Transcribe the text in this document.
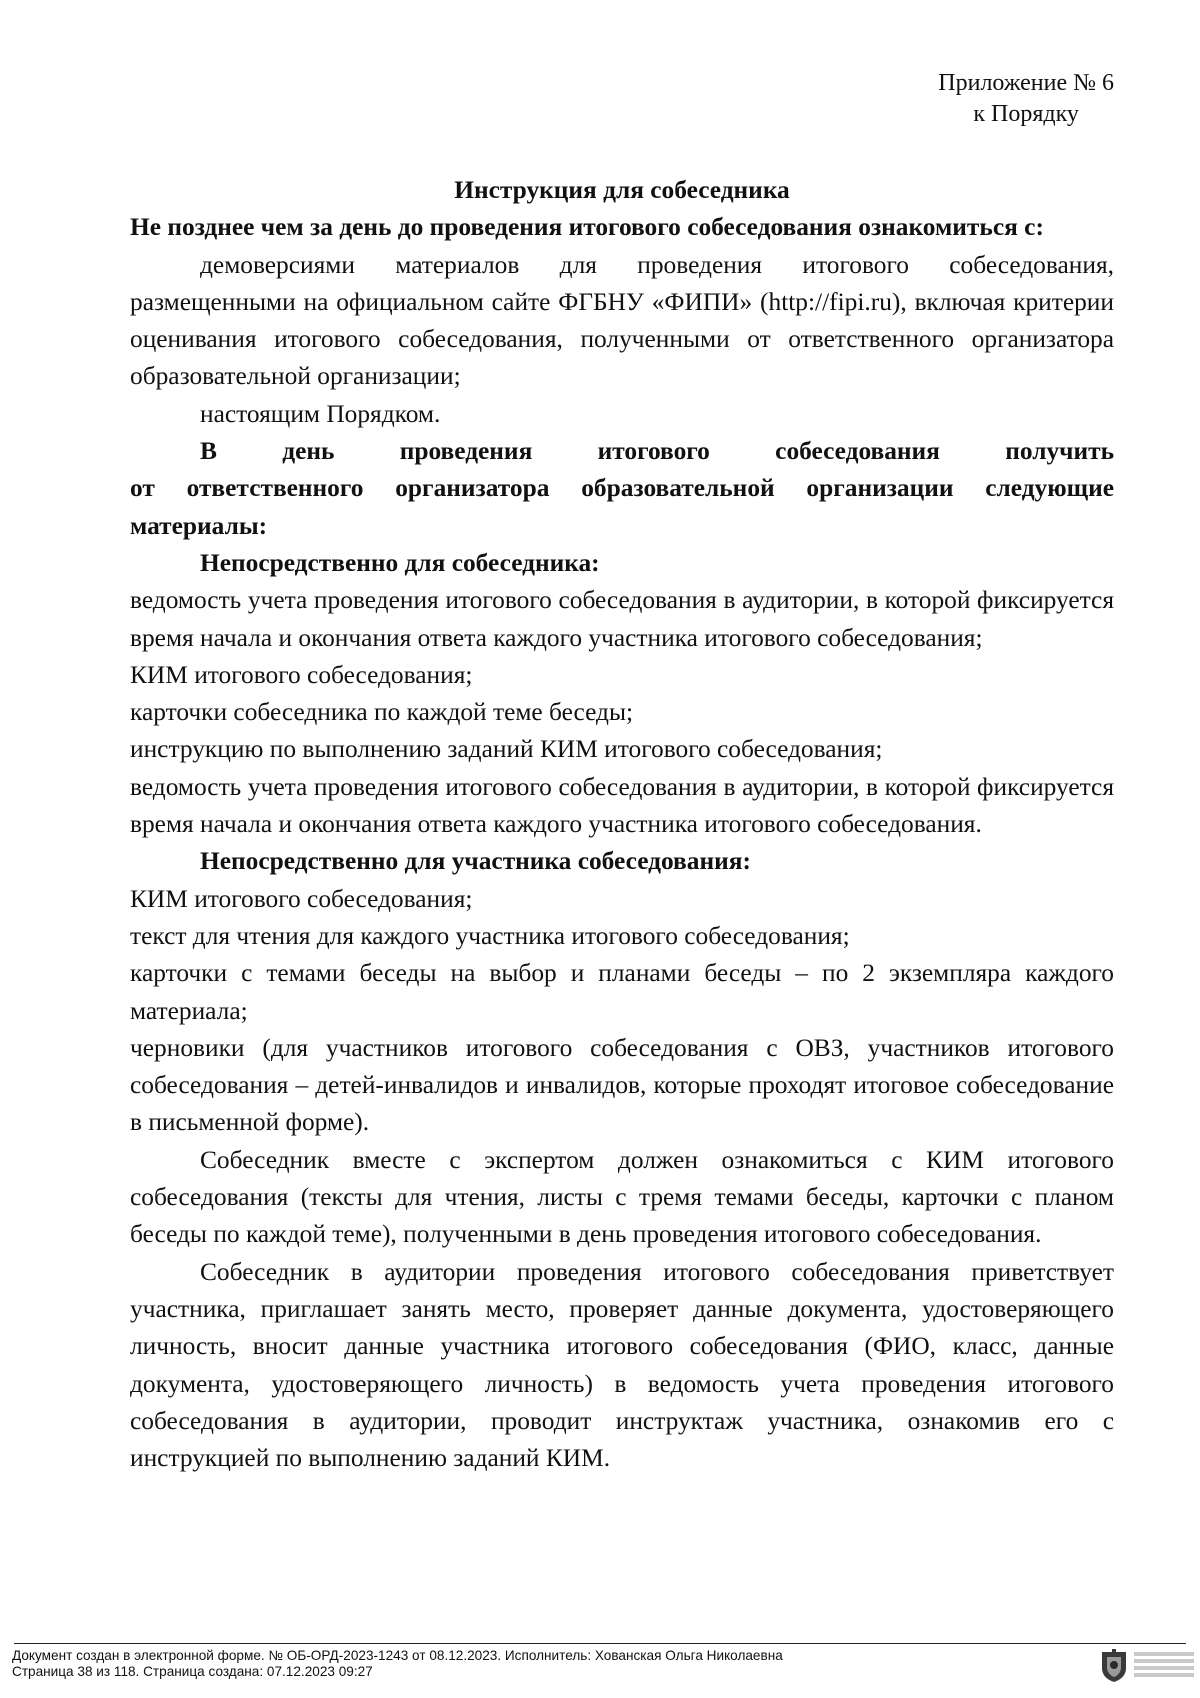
Приложение № 6
к Порядку

Инструкция для собеседника

Не позднее чем за день до проведения итогового собеседования ознакомиться с:

демоверсиями материалов для проведения итогового собеседования, размещенными на официальном сайте ФГБНУ «ФИПИ» (http://fipi.ru), включая критерии оценивания итогового собеседования, полученными от ответственного организатора образовательной организации;

настоящим Порядком.

В день проведения итогового собеседования получить

от ответственного организатора образовательной организации следующие материалы:

Непосредственно для собеседника:

ведомость учета проведения итогового собеседования в аудитории, в которой фиксируется время начала и окончания ответа каждого участника итогового собеседования;

КИМ итогового собеседования;

карточки собеседника по каждой теме беседы;

инструкцию по выполнению заданий КИМ итогового собеседования;

ведомость учета проведения итогового собеседования в аудитории, в которой фиксируется время начала и окончания ответа каждого участника итогового собеседования.

Непосредственно для участника собеседования:

КИМ итогового собеседования;

текст для чтения для каждого участника итогового собеседования;

карточки с темами беседы на выбор и планами беседы – по 2 экземпляра каждого материала;

черновики (для участников итогового собеседования с ОВЗ, участников итогового собеседования – детей-инвалидов и инвалидов, которые проходят итоговое собеседование в письменной форме).

Собеседник вместе с экспертом должен ознакомиться с КИМ итогового собеседования (тексты для чтения, листы с тремя темами беседы, карточки с планом беседы по каждой теме), полученными в день проведения итогового собеседования.

Собеседник в аудитории проведения итогового собеседования приветствует участника, приглашает занять место, проверяет данные документа, удостоверяющего личность, вносит данные участника итогового собеседования (ФИО, класс, данные документа, удостоверяющего личность) в ведомость учета проведения итогового собеседования в аудитории, проводит инструктаж участника, ознакомив его с инструкцией по выполнению заданий КИМ.

Документ создан в электронной форме. № ОБ-ОРД-2023-1243 от 08.12.2023. Исполнитель: Хованская Ольга Николаевна
Страница 38 из 118. Страница создана: 07.12.2023 09:27
